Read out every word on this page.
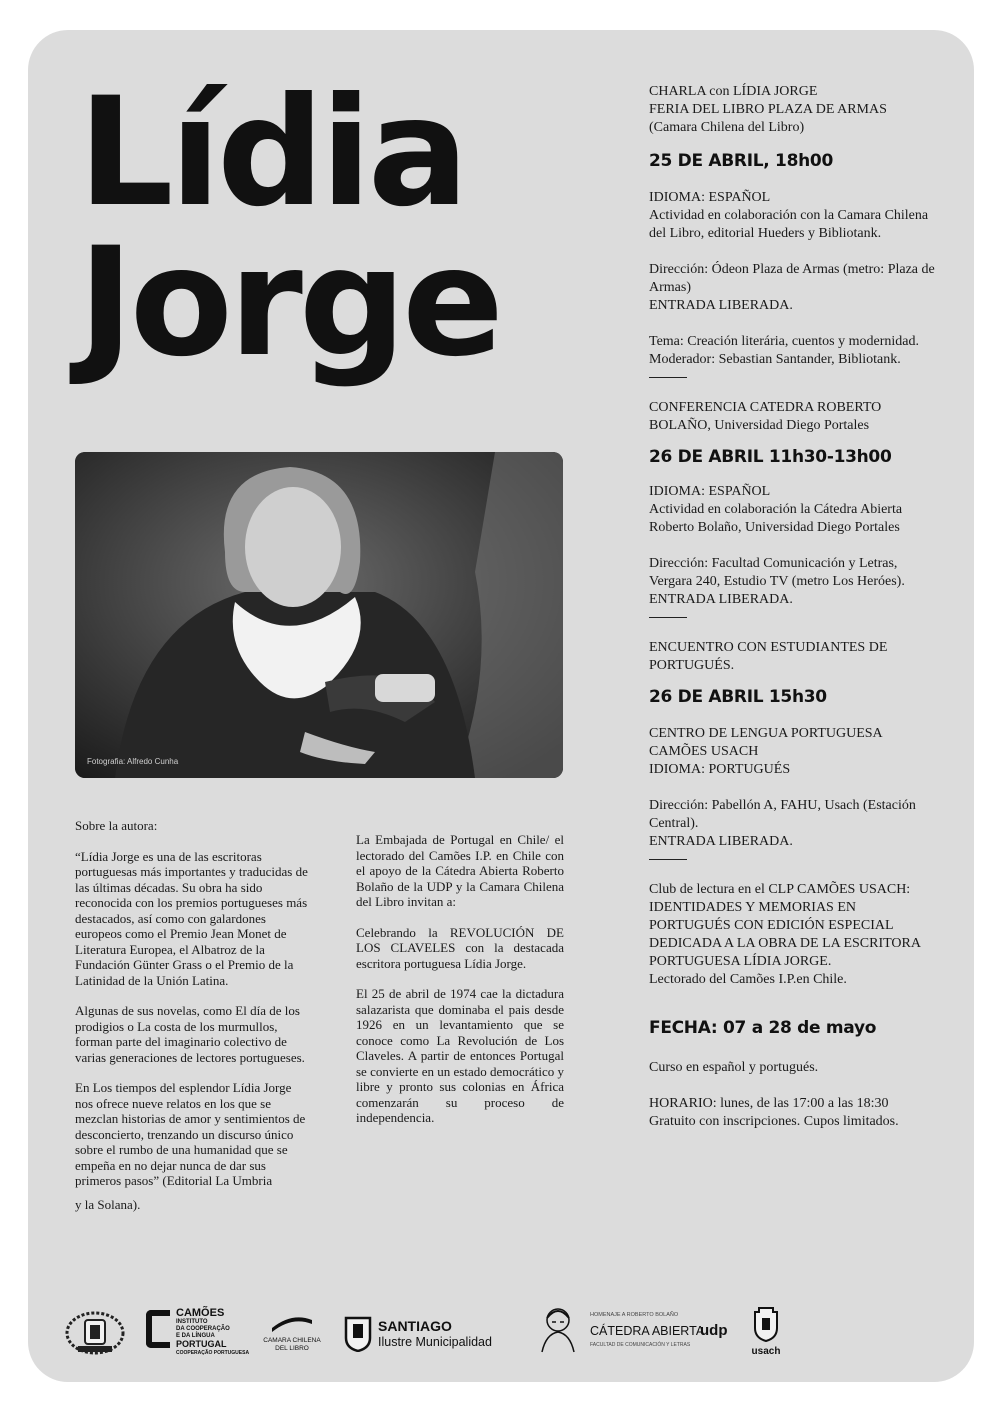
Lídia
Jorge
Fotografia: Alfredo Cunha

Sobre la autora:

“Lídia Jorge es una de las escritoras portuguesas más importantes y traducidas de las últimas décadas. Su obra ha sido reconocida con los premios portugueses más destacados, así como con galardones europeos como el Premio Jean Monet de Literatura Europea, el Albatroz de la Fundación Günter Grass o el Premio de la Latinidad de la Unión Latina.

Algunas de sus novelas, como El día de los prodigios o La costa de los murmullos, forman parte del imaginario colectivo de varias generaciones de lectores portugueses.

En Los tiempos del esplendor Lídia Jorge nos ofrece nueve relatos en los que se mezclan historias de amor y sentimientos de desconcierto, trenzando un discurso único sobre el rumbo de una humanidad que se empeña en no dejar nunca de dar sus primeros pasos” (Editorial La Umbria

y la Solana).

La Embajada de Portugal en Chile/ el lectorado del Camões I.P. en Chile con el apoyo de la Cátedra Abierta Roberto Bolaño de la UDP y la Camara Chilena del Libro invitan a:

Celebrando la REVOLUCIÓN DE LOS CLAVELES con la destacada escritora portuguesa Lídia Jorge.

El 25 de abril de 1974 cae la dictadura salazarista que dominaba el pais desde 1926 en un levantamiento que se conoce como La Revolución de Los Claveles. A partir de entonces Portugal se convierte en un estado democrático y libre y pronto sus colonias en África comenzarán su proceso de independencia.

CHARLA con LÍDIA JORGE

FERIA DEL LIBRO PLAZA DE ARMAS

(Camara Chilena del Libro)

25 DE ABRIL, 18h00

IDIOMA: ESPAÑOL

Actividad en colaboración con la Camara Chilena del Libro, editorial Hueders y Bibliotank.

Dirección: Ódeon Plaza de Armas (metro: Plaza de Armas)

ENTRADA LIBERADA.

Tema: Creación literária, cuentos y modernidad.

Moderador: Sebastian Santander, Bibliotank.

CONFERENCIA CATEDRA ROBERTO

BOLAÑO, Universidad Diego Portales

26 DE ABRIL 11h30-13h00

IDIOMA: ESPAÑOL

Actividad en colaboración la Cátedra Abierta Roberto Bolaño, Universidad Diego Portales

Dirección: Facultad Comunicación y Letras, Vergara 240, Estudio TV (metro Los Heróes).

ENTRADA LIBERADA.

ENCUENTRO CON ESTUDIANTES DE

PORTUGUÉS.

26 DE ABRIL 15h30

CENTRO DE LENGUA PORTUGUESA

CAMÕES USACH

IDIOMA: PORTUGUÉS

Dirección: Pabellón A, FAHU, Usach (Estación Central).

ENTRADA LIBERADA.

Club de lectura en el CLP CAMÕES USACH: IDENTIDADES Y MEMORIAS EN PORTUGUÉS CON EDICIÓN ESPECIAL DEDICADA A LA OBRA DE LA ESCRITORA PORTUGUESA LÍDIA JORGE.

Lectorado del Camões I.P.en Chile.

FECHA: 07 a 28 de mayo

Curso en español y portugués.

HORARIO: lunes, de las 17:00 a las 18:30

Gratuito con inscripciones. Cupos limitados.

CAMÕES
INSTITUTO
DA COOPERAÇÃO
E DA LÍNGUA
PORTUGAL
COOPERAÇÃO PORTUGUESA
CAMARA CHILENA
DEL LIBRO
SANTIAGO
Ilustre Municipalidad
HOMENAJE A ROBERTO BOLAÑO
CÁTEDRA ABIERTA
udp
FACULTAD DE COMUNICACIÓN Y LETRAS
usach
